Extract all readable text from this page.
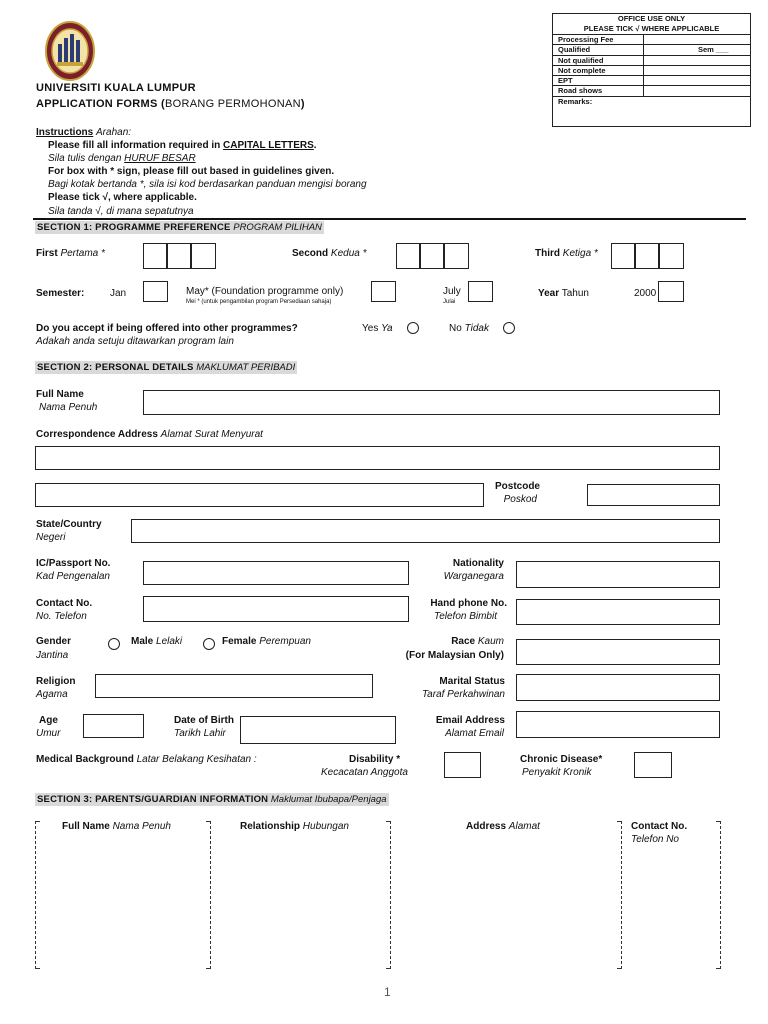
UNIVERSITI KUALA LUMPUR
APPLICATION FORMS (BORANG PERMOHONAN)
OFFICE USE ONLY
PLEASE TICK √ WHERE APPLICABLE
Processing Fee
Qualified	Sem ___
Not qualified
Not complete
EPT
Road shows
Remarks:
Instructions Arahan:
Please fill all information required in CAPITAL LETTERS.
Sila tulis dengan HURUF BESAR
For box with * sign, please fill out based in guidelines given.
Bagi kotak bertanda *, sila isi kod berdasarkan panduan mengisi borang
Please tick √, where applicable.
Sila tanda √, di mana sepatutnya
SECTION 1: PROGRAMME PREFERENCE PROGRAM PILIHAN
First Pertama *	Second Kedua *	Third Ketiga *
Semester:	Jan	May* (Foundation programme only)
Mei * (untuk pengambilan program Persediaan sahaja)
July
Julai
Year Tahun	2000
Do you accept if being offered into other programmes?
Adakah anda setuju ditawarkan program lain
Yes Ya	No Tidak
SECTION 2: PERSONAL DETAILS MAKLUMAT PERIBADI
Full Name
Nama Penuh
Correspondence Address Alamat Surat Menyurat
Postcode
Poskod
State/Country
Negeri
IC/Passport No.
Kad Pengenalan
Nationality
Warganegara
Contact No.
No. Telefon
Hand phone No.
Telefon Bimbit
Gender
Jantina
Male Lelaki	Female Perempuan	Race Kaum
(For Malaysian Only)
Religion
Agama
Marital Status
Taraf Perkahwinan
Age
Umur
Date of Birth
Tarikh Lahir
Email Address
Alamat Email
Medical Background Latar Belakang Kesihatan :	Disability *
Kecacatan Anggota
Chronic Disease*
Penyakit Kronik
SECTION 3: PARENTS/GUARDIAN INFORMATION Maklumat Ibubapa/Penjaga
Full Name Nama Penuh	Relationship Hubungan	Address Alamat	Contact No.
Telefon No
1
